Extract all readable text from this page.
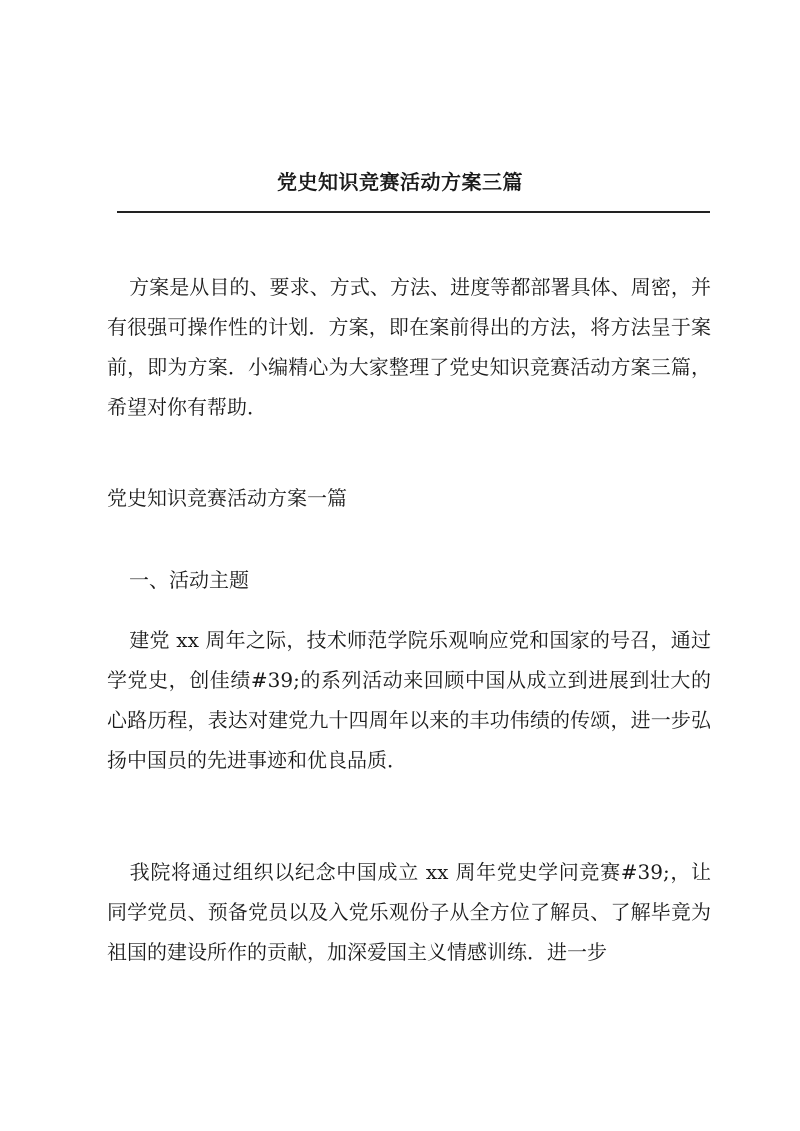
党史知识竞赛活动方案三篇

方案是从目的、要求、方式、方法、进度等都部署具体、周密，并有很强可操作性的计划．方案，即在案前得出的方法，将方法呈于案前，即为方案．小编精心为大家整理了党史知识竞赛活动方案三篇，希望对你有帮助．

党史知识竞赛活动方案一篇

一、活动主题

建党 xx 周年之际，技术师范学院乐观响应党和国家的号召，通过学党史，创佳绩#39;的系列活动来回顾中国从成立到进展到壮大的心路历程，表达对建党九十四周年以来的丰功伟绩的传颂，进一步弘扬中国员的先进事迹和优良品质．

我院将通过组织以纪念中国成立 xx 周年党史学问竞赛#39;，让同学党员、预备党员以及入党乐观份子从全方位了解员、了解毕竟为祖国的建设所作的贡献，加深爱国主义情感训练．进一步
